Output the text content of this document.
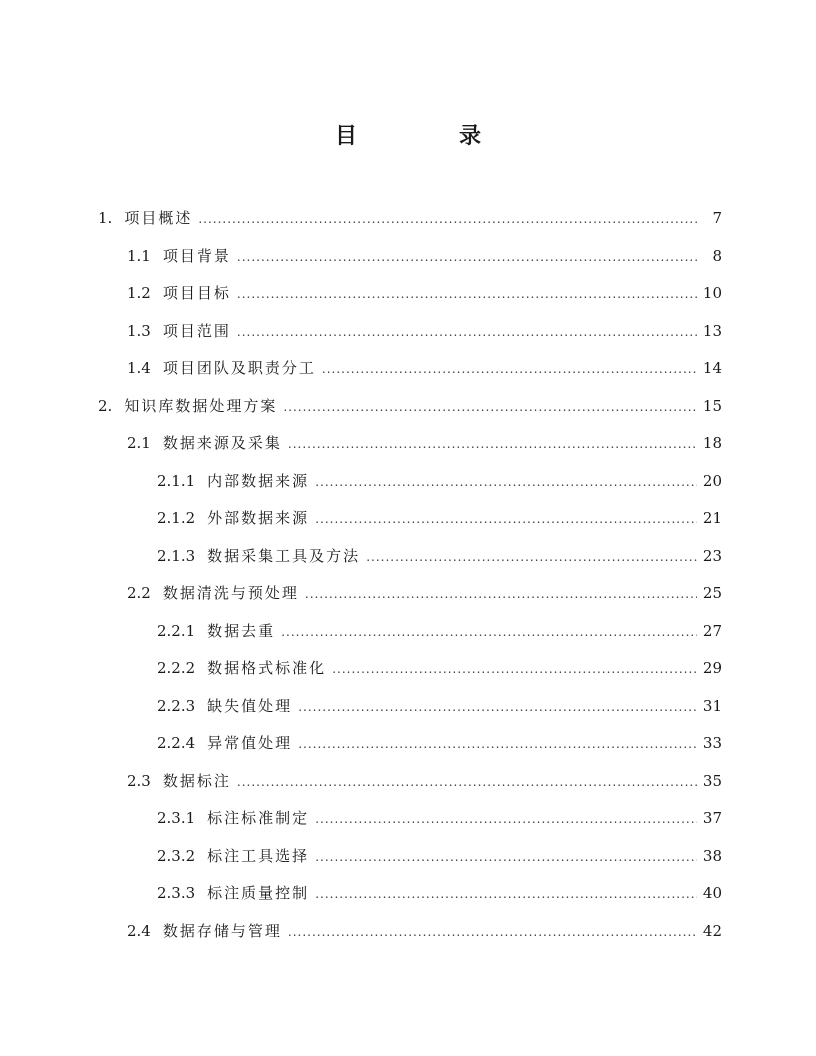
目　录
1. 项目概述 .....	7
1.1 项目背景 .....	8
1.2 项目目标 .....	10
1.3 项目范围 .....	13
1.4 项目团队及职责分工 .....	14
2. 知识库数据处理方案 .....	15
2.1 数据来源及采集 .....	18
2.1.1 内部数据来源 .....	20
2.1.2 外部数据来源 .....	21
2.1.3 数据采集工具及方法 .....	23
2.2 数据清洗与预处理 .....	25
2.2.1 数据去重 .....	27
2.2.2 数据格式标准化 .....	29
2.2.3 缺失值处理 .....	31
2.2.4 异常值处理 .....	33
2.3 数据标注 .....	35
2.3.1 标注标准制定 .....	37
2.3.2 标注工具选择 .....	38
2.3.3 标注质量控制 .....	40
2.4 数据存储与管理 .....	42
